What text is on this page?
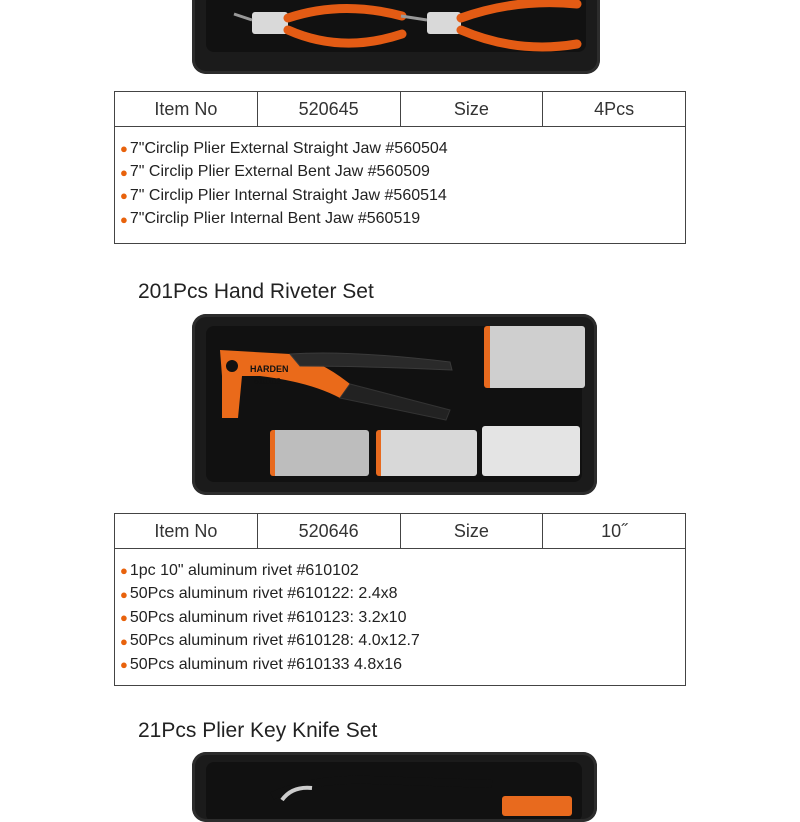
Item No	520645	Size	4Pcs
● 7"Circlip Plier External Straight Jaw #560504
● 7" Circlip Plier External Bent Jaw #560509
● 7" Circlip Plier Internal Straight Jaw #560514
● 7"Circlip Plier Internal Bent Jaw #560519
201Pcs Hand Riveter Set
HARDEN
610102
Item No	520646	Size	10˝
● 1pc 10" aluminum rivet #610102
● 50Pcs aluminum rivet #610122: 2.4x8
● 50Pcs aluminum rivet #610123: 3.2x10
● 50Pcs aluminum rivet #610128: 4.0x12.7
● 50Pcs aluminum rivet #610133 4.8x16
21Pcs Plier Key Knife Set
